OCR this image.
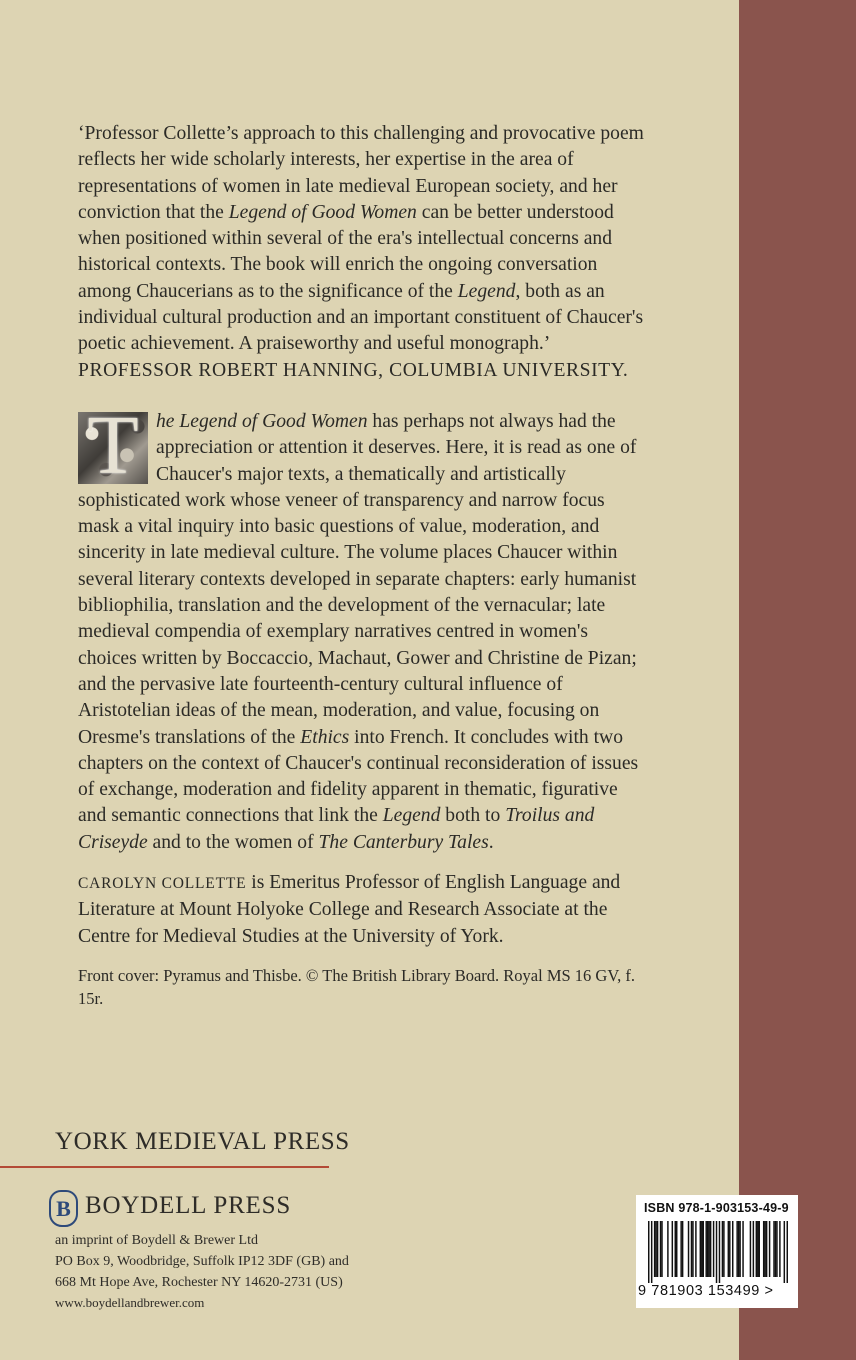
‘Professor Collette’s approach to this challenging and provocative poem reflects her wide scholarly interests, her expertise in the area of representations of women in late medieval European society, and her conviction that the Legend of Good Women can be better understood when positioned within several of the era's intellectual concerns and historical contexts. The book will enrich the ongoing conversation among Chaucerians as to the significance of the Legend, both as an individual cultural production and an important constituent of Chaucer's poetic achievement. A praiseworthy and useful monograph.’

PROFESSOR ROBERT HANNING, COLUMBIA UNIVERSITY.

T he Legend of Good Women has perhaps not always had the appreciation or attention it deserves. Here, it is read as one of Chaucer's major texts, a thematically and artistically sophisticated work whose veneer of transparency and narrow focus mask a vital inquiry into basic questions of value, moderation, and sincerity in late medieval culture. The volume places Chaucer within several literary contexts developed in separate chapters: early humanist bibliophilia, translation and the development of the vernacular; late medieval compendia of exemplary narratives centred in women's choices written by Boccaccio, Machaut, Gower and Christine de Pizan; and the pervasive late fourteenth-century cultural influence of Aristotelian ideas of the mean, moderation, and value, focusing on Oresme's translations of the Ethics into French. It concludes with two chapters on the context of Chaucer's continual reconsideration of issues of exchange, moderation and fidelity apparent in thematic, figurative and semantic connections that link the Legend both to Troilus and Criseyde and to the women of The Canterbury Tales.

CAROLYN COLLETTE is Emeritus Professor of English Language and Literature at Mount Holyoke College and Research Associate at the Centre for Medieval Studies at the University of York.

Front cover: Pyramus and Thisbe. © The British Library Board. Royal MS 16 GV, f. 15r.

YORK MEDIEVAL PRESS
B BOYDELL PRESS
an imprint of Boydell & Brewer Ltd
PO Box 9, Woodbridge, Suffolk IP12 3DF (GB) and
668 Mt Hope Ave, Rochester NY 14620-2731 (US)
www.boydellandbrewer.com
ISBN 978-1-903153-49-9
9 781903 153499 >
